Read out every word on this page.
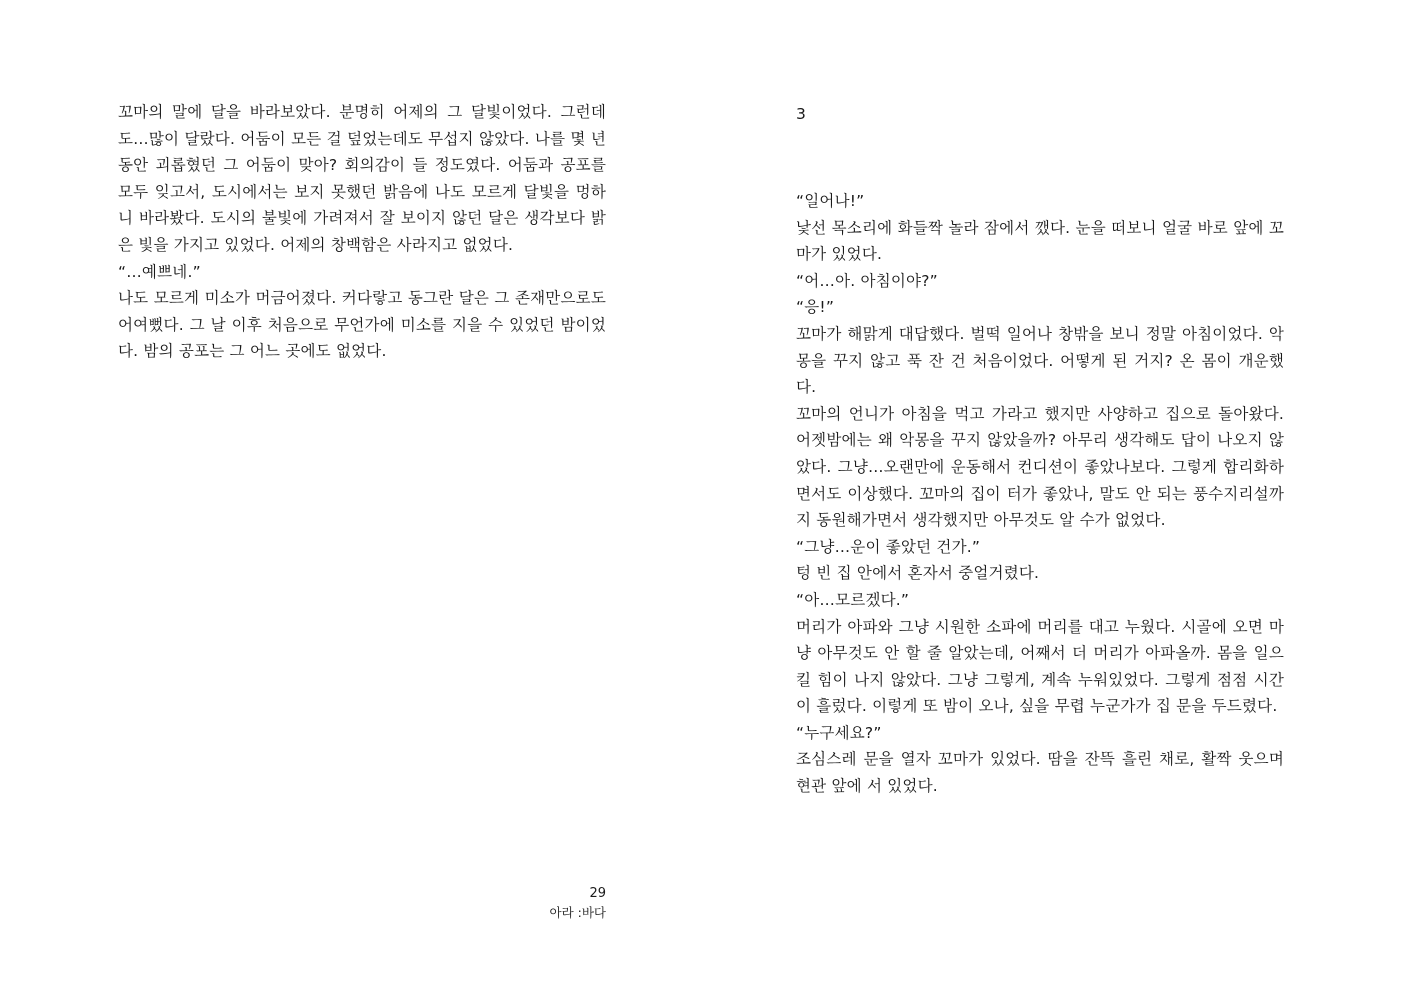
꼬마의 말에 달을 바라보았다. 분명히 어제의 그 달빛이었다. 그런데도…많이 달랐다. 어둠이 모든 걸 덮었는데도 무섭지 않았다. 나를 몇 년 동안 괴롭혔던 그 어둠이 맞아? 회의감이 들 정도였다. 어둠과 공포를 모두 잊고서, 도시에서는 보지 못했던 밝음에 나도 모르게 달빛을 멍하니 바라봤다. 도시의 불빛에 가려져서 잘 보이지 않던 달은 생각보다 밝은 빛을 가지고 있었다. 어제의 창백함은 사라지고 없었다.

“…예쁘네.”

나도 모르게 미소가 머금어졌다. 커다랗고 동그란 달은 그 존재만으로도 어여뻤다. 그 날 이후 처음으로 무언가에 미소를 지을 수 있었던 밤이었다. 밤의 공포는 그 어느 곳에도 없었다.

29
아라 :바다
3

“일어나!”

낯선 목소리에 화들짝 놀라 잠에서 깼다. 눈을 떠보니 얼굴 바로 앞에 꼬마가 있었다.

“어…아. 아침이야?”

“응!”

꼬마가 해맑게 대답했다. 벌떡 일어나 창밖을 보니 정말 아침이었다. 악몽을 꾸지 않고 푹 잔 건 처음이었다. 어떻게 된 거지? 온 몸이 개운했다.

꼬마의 언니가 아침을 먹고 가라고 했지만 사양하고 집으로 돌아왔다. 어젯밤에는 왜 악몽을 꾸지 않았을까? 아무리 생각해도 답이 나오지 않았다. 그냥…오랜만에 운동해서 컨디션이 좋았나보다. 그렇게 합리화하면서도 이상했다. 꼬마의 집이 터가 좋았나, 말도 안 되는 풍수지리설까지 동원해가면서 생각했지만 아무것도 알 수가 없었다.

“그냥…운이 좋았던 건가.”

텅 빈 집 안에서 혼자서 중얼거렸다.

“아…모르겠다.”

머리가 아파와 그냥 시원한 소파에 머리를 대고 누웠다. 시골에 오면 마냥 아무것도 안 할 줄 알았는데, 어째서 더 머리가 아파올까. 몸을 일으킬 힘이 나지 않았다. 그냥 그렇게, 계속 누워있었다. 그렇게 점점 시간이 흘렀다. 이렇게 또 밤이 오나, 싶을 무렵 누군가가 집 문을 두드렸다.

“누구세요?”

조심스레 문을 열자 꼬마가 있었다. 땀을 잔뜩 흘린 채로, 활짝 웃으며 현관 앞에 서 있었다.
